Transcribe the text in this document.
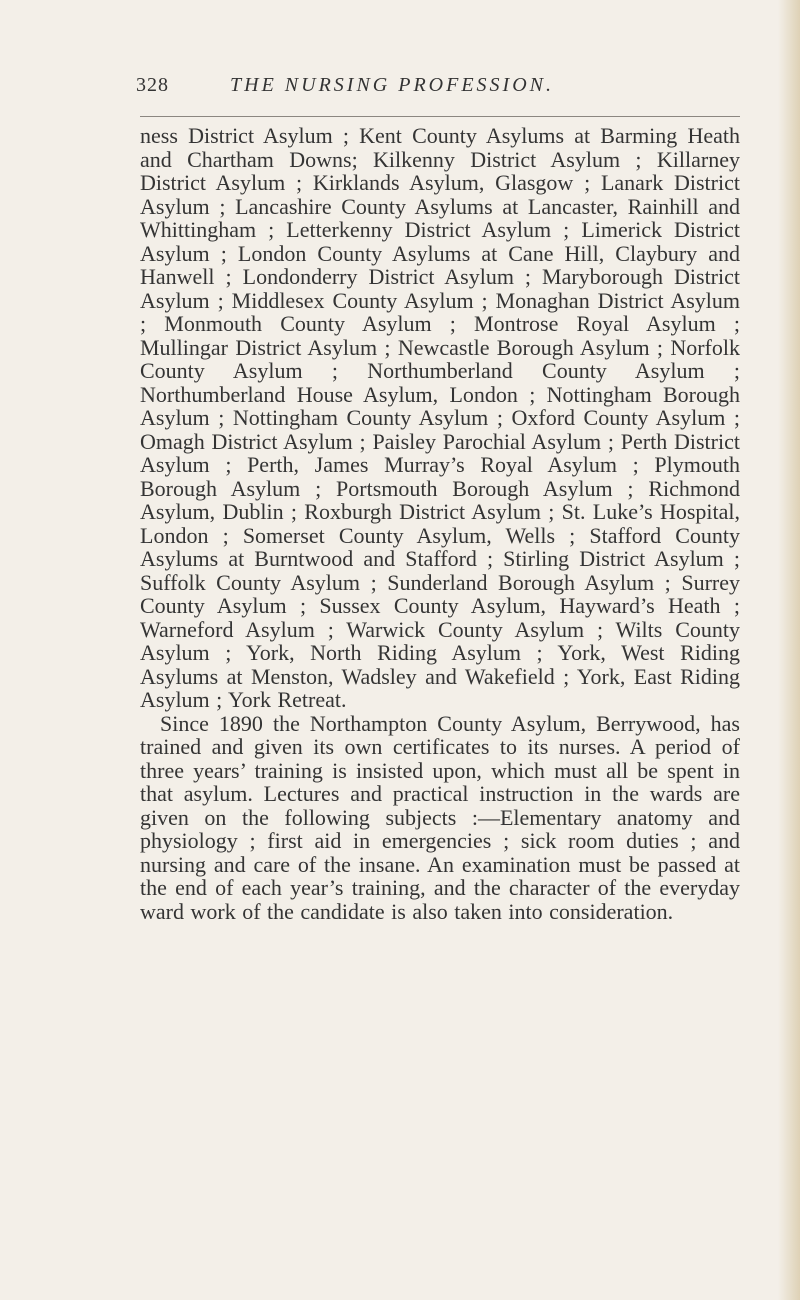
328	THE NURSING PROFESSION.

ness District Asylum ; Kent County Asylums at Barming Heath and Chartham Downs; Kilkenny District Asylum ; Killarney District Asylum ; Kirklands Asylum, Glasgow ; Lanark District Asylum ; Lancashire County Asylums at Lancaster, Rainhill and Whittingham ; Letterkenny District Asylum ; Limerick District Asylum ; London County Asylums at Cane Hill, Claybury and Hanwell ; Londonderry District Asylum ; Maryborough District Asylum ; Middlesex County Asylum ; Monaghan District Asylum ; Monmouth County Asylum ; Montrose Royal Asylum ; Mullingar District Asylum ; Newcastle Borough Asylum ; Norfolk County Asylum ; Northumberland County Asylum ; Northumberland House Asylum, London ; Nottingham Borough Asylum ; Nottingham County Asylum ; Oxford County Asylum ; Omagh District Asylum ; Paisley Parochial Asylum ; Perth District Asylum ; Perth, James Murray’s Royal Asylum ; Plymouth Borough Asylum ; Portsmouth Borough Asylum ; Richmond Asylum, Dublin ; Roxburgh District Asylum ; St. Luke’s Hospital, London ; Somerset County Asylum, Wells ; Stafford County Asylums at Burntwood and Stafford ; Stirling District Asylum ; Suffolk County Asylum ; Sunderland Borough Asylum ; Surrey County Asylum ; Sussex County Asylum, Hayward’s Heath ; Warneford Asylum ; Warwick County Asylum ; Wilts County Asylum ; York, North Riding Asylum ; York, West Riding Asylums at Menston, Wadsley and Wakefield ; York, East Riding Asylum ; York Retreat.

Since 1890 the Northampton County Asylum, Berrywood, has trained and given its own certificates to its nurses. A period of three years’ training is insisted upon, which must all be spent in that asylum. Lectures and practical instruction in the wards are given on the following subjects :—Elementary anatomy and physiology ; first aid in emergencies ; sick room duties ; and nursing and care of the insane. An examination must be passed at the end of each year’s training, and the character of the everyday ward work of the candidate is also taken into consideration.
